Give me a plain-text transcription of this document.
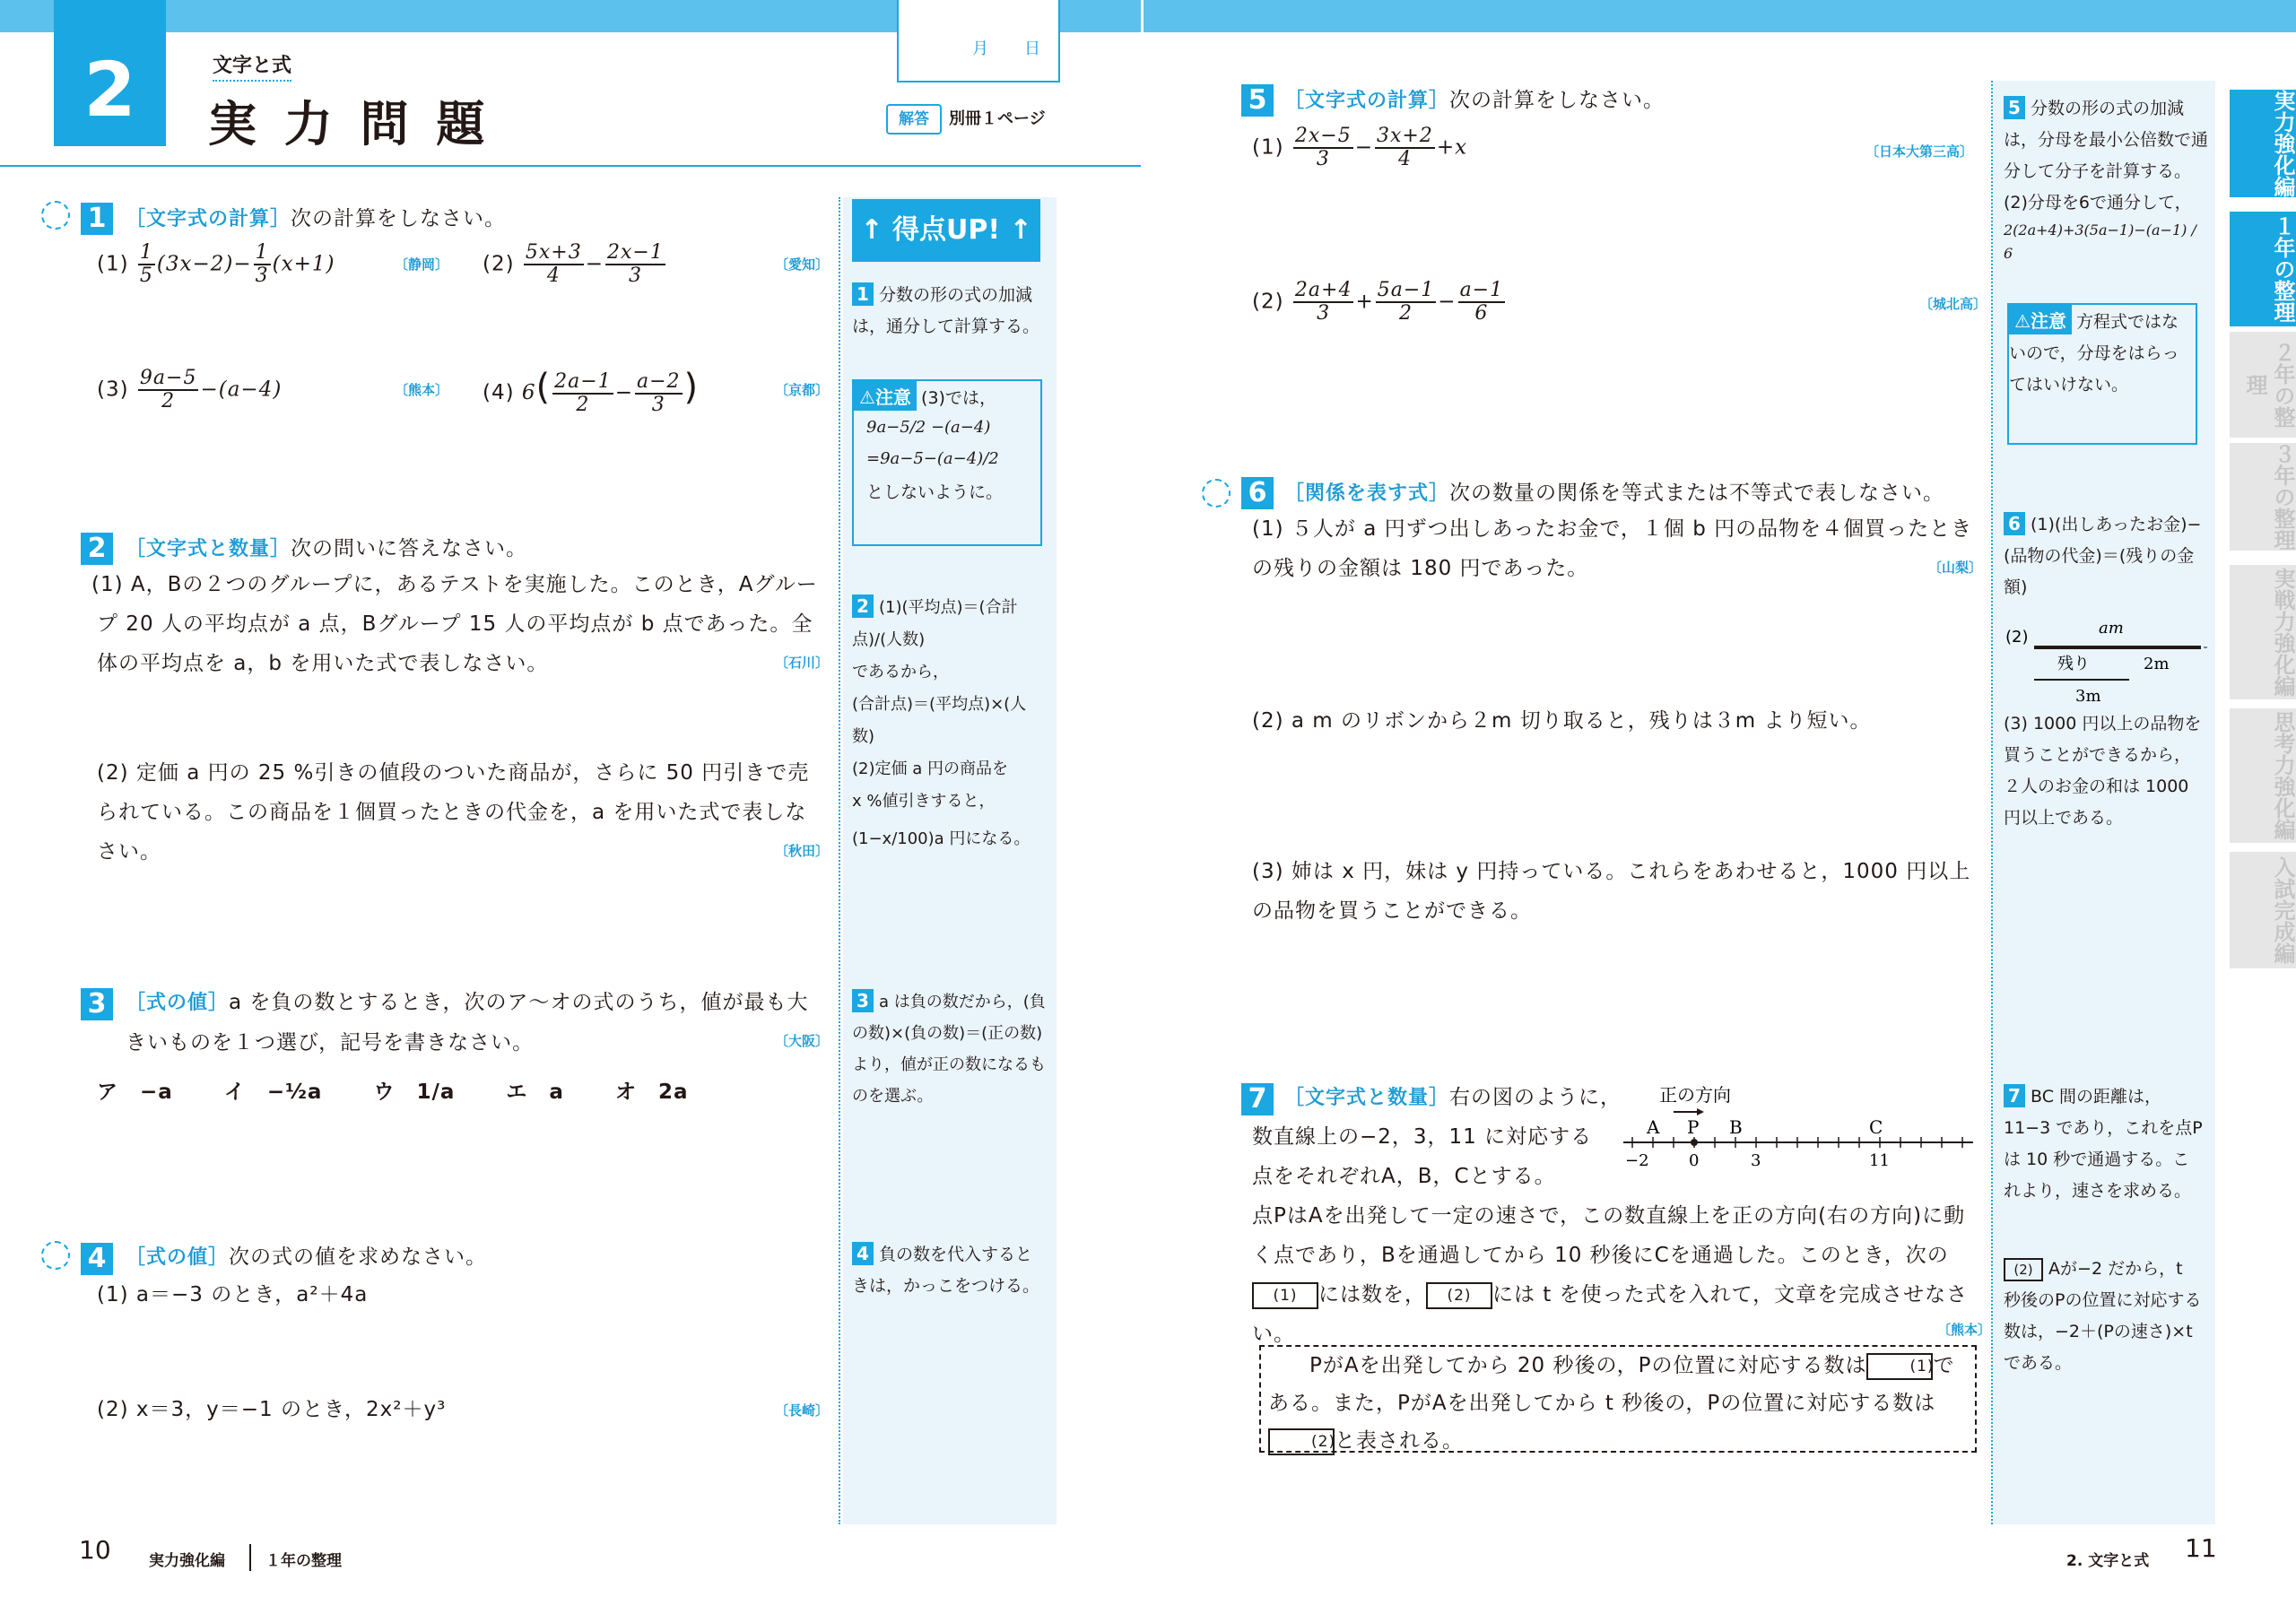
2	文字と式
実 力 問 題
月 日
解答	別冊１ページ
↑ 得点UP! ↑
1 分数の形の式の加減は，通分して計算する。
⚠注意 (3)では，
9a−5/2 −(a−4)
=9a−5−(a−4)/2
としないように。
2 (1)(平均点)＝(合計点)/(人数)
であるから，
(合計点)＝(平均点)×(人数)
(2)定価 a 円の商品を
x %値引きすると，
(1−x/100)a 円になる。
3 a は負の数だから，(負の数)×(負の数)＝(正の数)より，値が正の数になるものを選ぶ。
4 負の数を代入するときは，かっこをつける。
1 ［文字式の計算］次の計算をしなさい。
$(1) \frac{1}{5} (3x-2)- \frac{1}{3} (x+1)$	〔静岡〕 $(2) \frac{5x+3}{4} - \frac{2x-1}{3}$	〔愛知〕
$(3) \frac{9a-5}{2} -(a-4)$	〔熊本〕 (4) $6( \frac{2a-1}{2} - \frac{a-2}{3}$ )	〔京都〕
2 ［文字式と数量］次の問いに答えなさい。
(1) A，Bの２つのグループに，あるテストを実施した。このとき，Aグループ 20 人の平均点が a 点，Bグループ 15 人の平均点が b 点であった。全体の平均点を a，b を用いた式で表しなさい。	〔石川〕
(2) 定価 a 円の 25 %引きの値段のついた商品が，さらに 50 円引きで売られている。この商品を１個買ったときの代金を，a を用いた式で表しなさい。	〔秋田〕
3 ［式の値］a を負の数とするとき，次のア〜オの式のうち，値が最も大きいものを１つ選び，記号を書きなさい。	〔大阪〕
ア　−a イ　−½a ウ　1/a エ　a オ　2a
4 ［式の値］次の式の値を求めなさい。
(1) a＝−3 のとき，a²＋4a
(2) x＝3，y＝−1 のとき，2x²＋y³	〔長崎〕
10 実力強化編	１年の整理
5 ［文字式の計算］次の計算をしなさい。
$(1) \frac{2x-5}{3} - \frac{3x+2}{4} +x$	〔日本大第三高〕
$(2) \frac{2a+4}{3} + \frac{5a-1}{2} - \frac{a-1}{6}$	〔城北高〕
6 ［関係を表す式］次の数量の関係を等式または不等式で表しなさい。
(1) ５人が a 円ずつ出しあったお金で，１個 b 円の品物を４個買ったときの残りの金額は 180 円であった。	〔山梨〕
(2) a m のリボンから２m 切り取ると，残りは３m より短い。
(3) 姉は x 円，妹は y 円持っている。これらをあわせると，1000 円以上の品物を買うことができる。
7 ［文字式と数量］右の図のように，
数直線上の−2，3，11 に対応する
点をそれぞれA，B，Cとする。
正の方向
A P B	C
−2 0	3	11
点PはAを出発して一定の速さで，この数直線上を正の方向(右の方向)に動く点であり，Bを通過してから 10 秒後にCを通過した。このとき，次の(1) には数を， (2) には t を使った式を入れて，文章を完成させなさい。	〔熊本〕
PがAを出発してから 20 秒後の，Pの位置に対応する数は	(1)である。また，PがAを出発してから t 秒後の，Pの位置に対応する数は(2)と表される。
5 分数の形の式の加減は，分母を最小公倍数で通分して分子を計算する。
(2)分母を6で通分して，
2(2a+4)+3(5a−1)−(a−1) / 6
⚠注意 方程式ではないので，分母をはらってはいけない。
6 (1)(出しあったお金)−(品物の代金)＝(残りの金額)
(2)	am
残り	2m
3m
(3) 1000 円以上の品物を買うことができるから，２人のお金の和は 1000 円以上である。
7 BC 間の距離は，11−3 であり，これを点Pは 10 秒で通過する。これより，速さを求める。
(2) Aが−2 だから，t 秒後のPの位置に対応する数は，−2＋(Pの速さ)×t である。
実力強化編
１年の整理
２年の整理
３年の整理
実戦力強化編
思考力強化編
入試完成編
2. 文字と式 11
